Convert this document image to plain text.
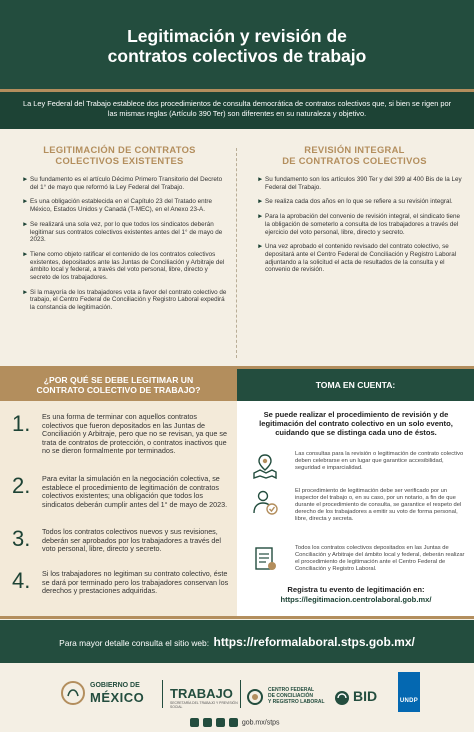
Legitimación y revisión de
contratos colectivos de trabajo
La Ley Federal del Trabajo establece dos procedimientos de consulta democrática de contratos colectivos que, si bien se rigen por las mismas reglas (Artículo 390 Ter) son diferentes en su naturaleza y objetivo.
LEGITIMACIÓN DE CONTRATOS
COLECTIVOS EXISTENTES
► Su fundamento es el artículo Décimo Primero Transitorio del Decreto del 1° de mayo que reformó la Ley Federal del Trabajo.
► Es una obligación establecida en el Capítulo 23 del Tratado entre México, Estados Unidos y Canadá (T-MEC), en el Anexo 23-A.
► Se realizará una sola vez, por lo que todos los sindicatos deberán legitimar sus contratos colectivos existentes antes del 1° de mayo de 2023.
► Tiene como objeto ratificar el contenido de los contratos colectivos existentes, depositados ante las Juntas de Conciliación y Arbitraje del ámbito local y federal, a través del voto personal, libre, directo y secreto de los trabajadores.
► Si la mayoría de los trabajadores vota a favor del contrato colectivo de trabajo, el Centro Federal de Conciliación y Registro Laboral expedirá la constancia de legitimación.
REVISIÓN INTEGRAL
DE CONTRATOS COLECTIVOS
► Su fundamento son los artículos 390 Ter y del 399 al 400 Bis de la Ley Federal del Trabajo.
► Se realiza cada dos años en lo que se refiere a su revisión integral.
► Para la aprobación del convenio de revisión integral, el sindicato tiene la obligación de someterlo a consulta de los trabajadores a través del ejercicio del voto personal, libre, directo y secreto.
► Una vez aprobado el contenido revisado del contrato colectivo, se depositará ante el Centro Federal de Conciliación y Registro Laboral adjuntando a la solicitud el acta de resultados de la consulta y el convenio de revisión.
¿POR QUÉ SE DEBE LEGITIMAR UN
CONTRATO COLECTIVO DE TRABAJO?	TOMA EN CUENTA:
1. Es una forma de terminar con aquellos contratos colectivos que fueron depositados en las Juntas de Conciliación y Arbitraje, pero que no se revisan, ya que se trata de contratos de protección, o contratos inactivos que no se dieron formalmente por terminados.
2. Para evitar la simulación en la negociación colectiva, se establece el procedimiento de legitimación de contratos colectivos existentes; una obligación que todos los sindicatos deberán cumplir antes del 1° de mayo de 2023.
3. Todos los contratos colectivos nuevos y sus revisiones, deberán ser aprobados por los trabajadores a través del voto personal, libre, directo y secreto.
4. Si los trabajadores no legitiman su contrato colectivo, éste se dará por terminado pero los trabajadores conservan los derechos y prestaciones adquiridas.
Se puede realizar el procedimiento de revisión y de legitimación del contrato colectivo en un solo evento, cuidando que se distinga cada uno de éstos.
Las consultas para la revisión o legitimación de contrato colectivo deben celebrarse en un lugar que garantice accesibilidad, seguridad e imparcialidad.
El procedimiento de legitimación debe ser verificado por un inspector del trabajo o, en su caso, por un notario, a fin de que durante el procedimiento de consulta, se garantice el respeto del derecho de los trabajadores a emitir su voto de forma personal, libre, directa y secreta.
Todos los contratos colectivos depositados en las Juntas de Conciliación y Arbitraje del ámbito local y federal, deberán realizar el procedimiento de legitimación ante el Centro Federal de Conciliación y Registro Laboral.
Registra tu evento de legitimación en:
https://legitimacion.centrolaboral.gob.mx/
Para mayor detalle consulta el sitio web: https://reformalaboral.stps.gob.mx/
GOBIERNO DE
MÉXICO TRABAJO
SECRETARÍA DEL TRABAJO Y PREVISIÓN SOCIAL
CENTRO FEDERAL
DE CONCILIACIÓN
Y REGISTRO LABORAL BID	UNDP
gob.mx/stps
